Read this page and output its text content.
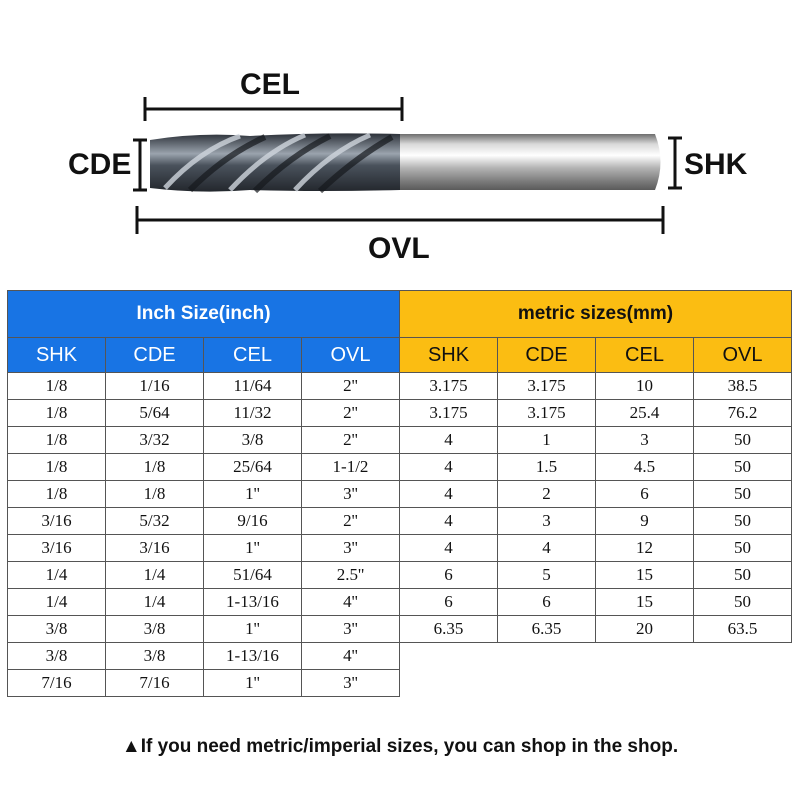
CEL
CDE	SHK
OVL
Inch Size(inch)				metric sizes(mm)			
SHK	CDE	CEL	OVL	SHK	CDE	CEL	OVL
1/8	1/16	11/64	2''	3.175	3.175	10	38.5
1/8	5/64	11/32	2''	3.175	3.175	25.4	76.2
1/8	3/32	3/8	2''	4	1	3	50
1/8	1/8	25/64	1-1/2	4	1.5	4.5	50
1/8	1/8	1''	3''	4	2	6	50
3/16	5/32	9/16	2''	4	3	9	50
3/16	3/16	1''	3''	4	4	12	50
1/4	1/4	51/64	2.5''	6	5	15	50
1/4	1/4	1-13/16	4''	6	6	15	50
3/8	3/8	1''	3''	6.35	6.35	20	63.5
3/8	3/8	1-13/16	4''				
7/16	7/16	1''	3''				
▲If you need metric/imperial sizes, you can shop in the shop.
